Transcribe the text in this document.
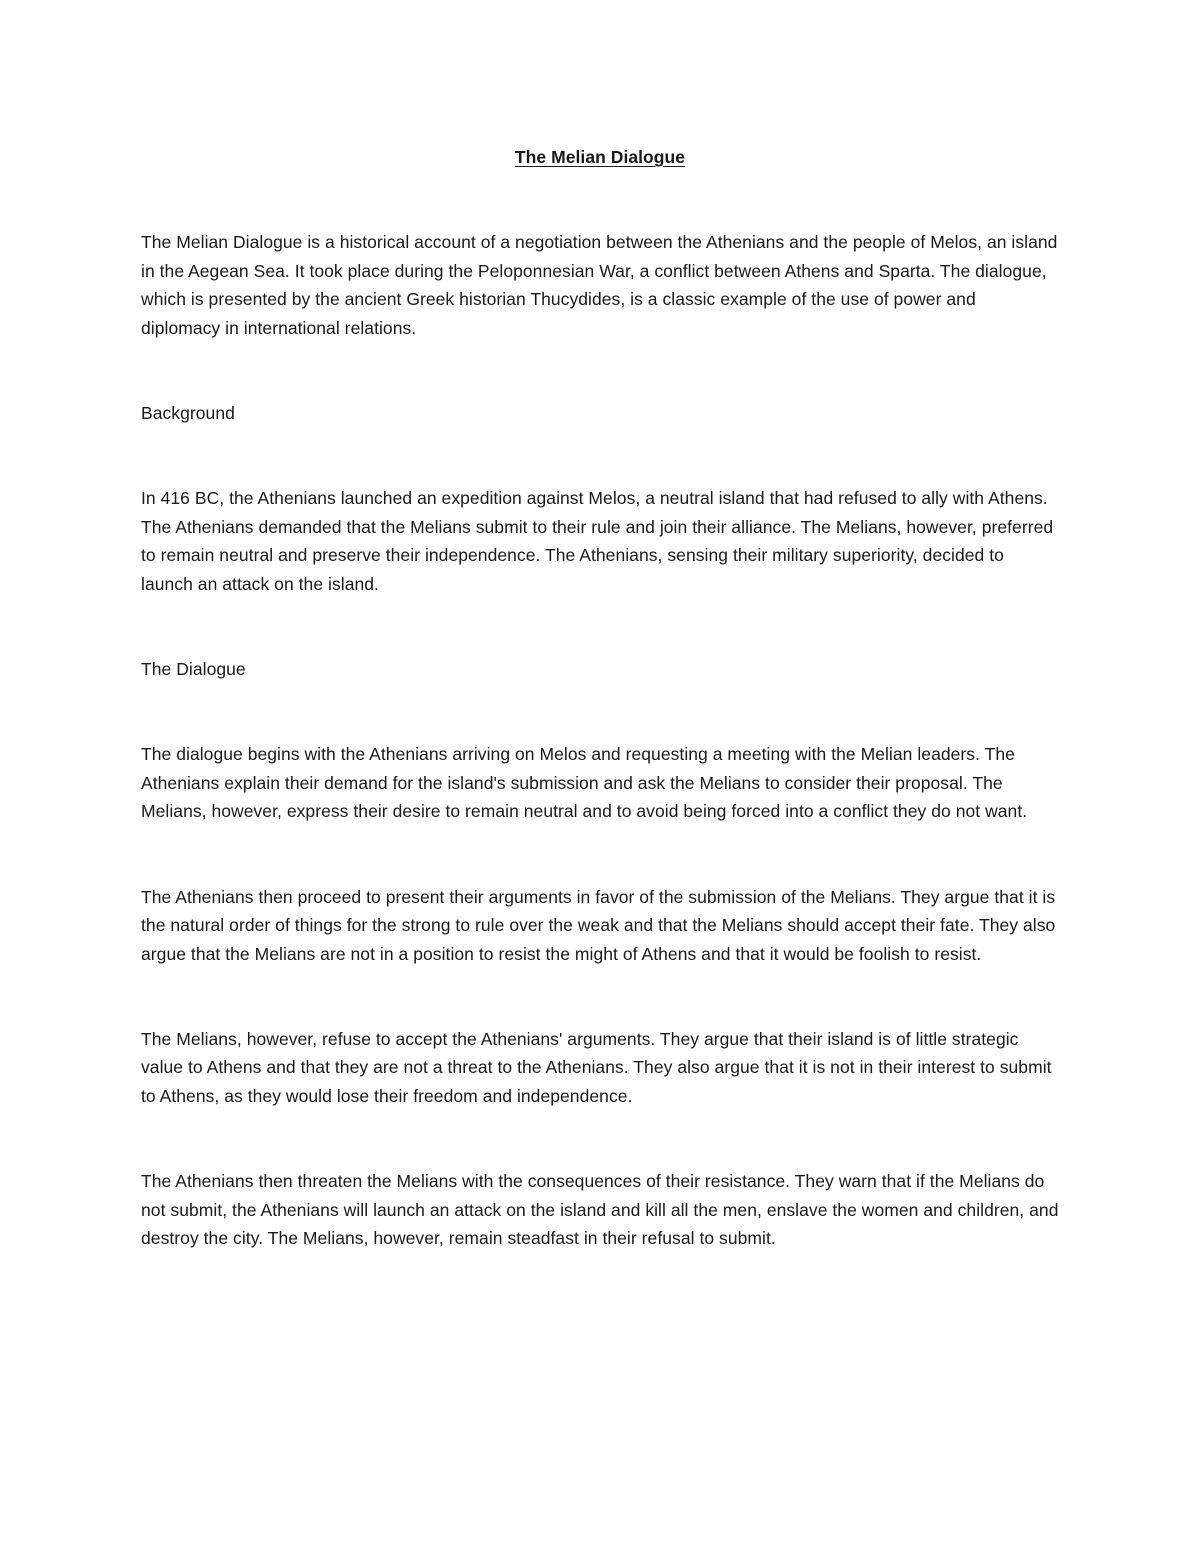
The Melian Dialogue

The Melian Dialogue is a historical account of a negotiation between the Athenians and the people of Melos, an island in the Aegean Sea. It took place during the Peloponnesian War, a conflict between Athens and Sparta. The dialogue, which is presented by the ancient Greek historian Thucydides, is a classic example of the use of power and diplomacy in international relations.

Background

In 416 BC, the Athenians launched an expedition against Melos, a neutral island that had refused to ally with Athens. The Athenians demanded that the Melians submit to their rule and join their alliance. The Melians, however, preferred to remain neutral and preserve their independence. The Athenians, sensing their military superiority, decided to launch an attack on the island.

The Dialogue

The dialogue begins with the Athenians arriving on Melos and requesting a meeting with the Melian leaders. The Athenians explain their demand for the island's submission and ask the Melians to consider their proposal. The Melians, however, express their desire to remain neutral and to avoid being forced into a conflict they do not want.

The Athenians then proceed to present their arguments in favor of the submission of the Melians. They argue that it is the natural order of things for the strong to rule over the weak and that the Melians should accept their fate. They also argue that the Melians are not in a position to resist the might of Athens and that it would be foolish to resist.

The Melians, however, refuse to accept the Athenians' arguments. They argue that their island is of little strategic value to Athens and that they are not a threat to the Athenians. They also argue that it is not in their interest to submit to Athens, as they would lose their freedom and independence.

The Athenians then threaten the Melians with the consequences of their resistance. They warn that if the Melians do not submit, the Athenians will launch an attack on the island and kill all the men, enslave the women and children, and destroy the city. The Melians, however, remain steadfast in their refusal to submit.
